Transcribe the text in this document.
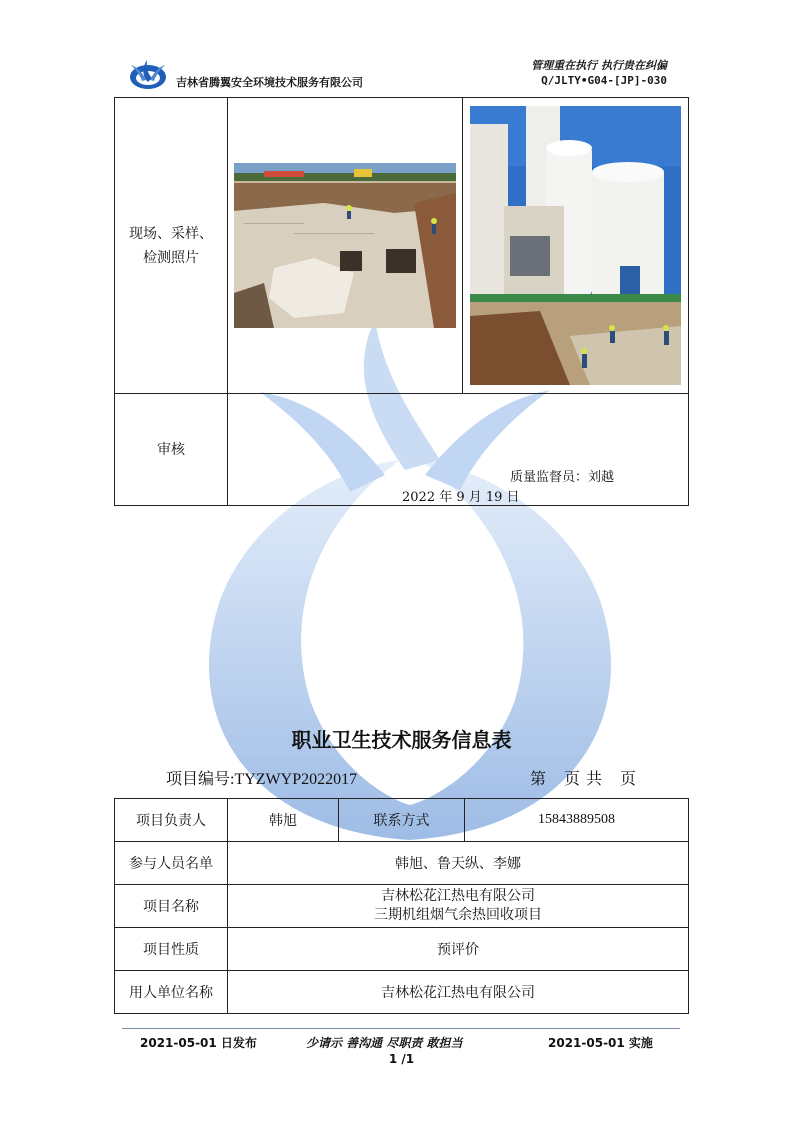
吉林省腾翼安全环境技术服务有限公司
管理重在执行 执行贵在纠偏
Q/JLTY•G04-[JP]-030
现场、采样、
检测照片		

审核	质量监督员：刘越
2022 年 9 月 19 日	
职业卫生技术服务信息表
项目编号:TYZWYP2022017	第　页 共　页
项目负责人	韩旭	联系方式	15843889508
参与人员名单	韩旭、鲁天纵、李娜		
项目名称	吉林松花江热电有限公司
三期机组烟气余热回收项目		

项目性质	预评价		
用人单位名称	吉林松花江热电有限公司		
2021-05-01 日发布	少请示 善沟通 尽职责 敢担当	2021-05-01 实施
1 /1
